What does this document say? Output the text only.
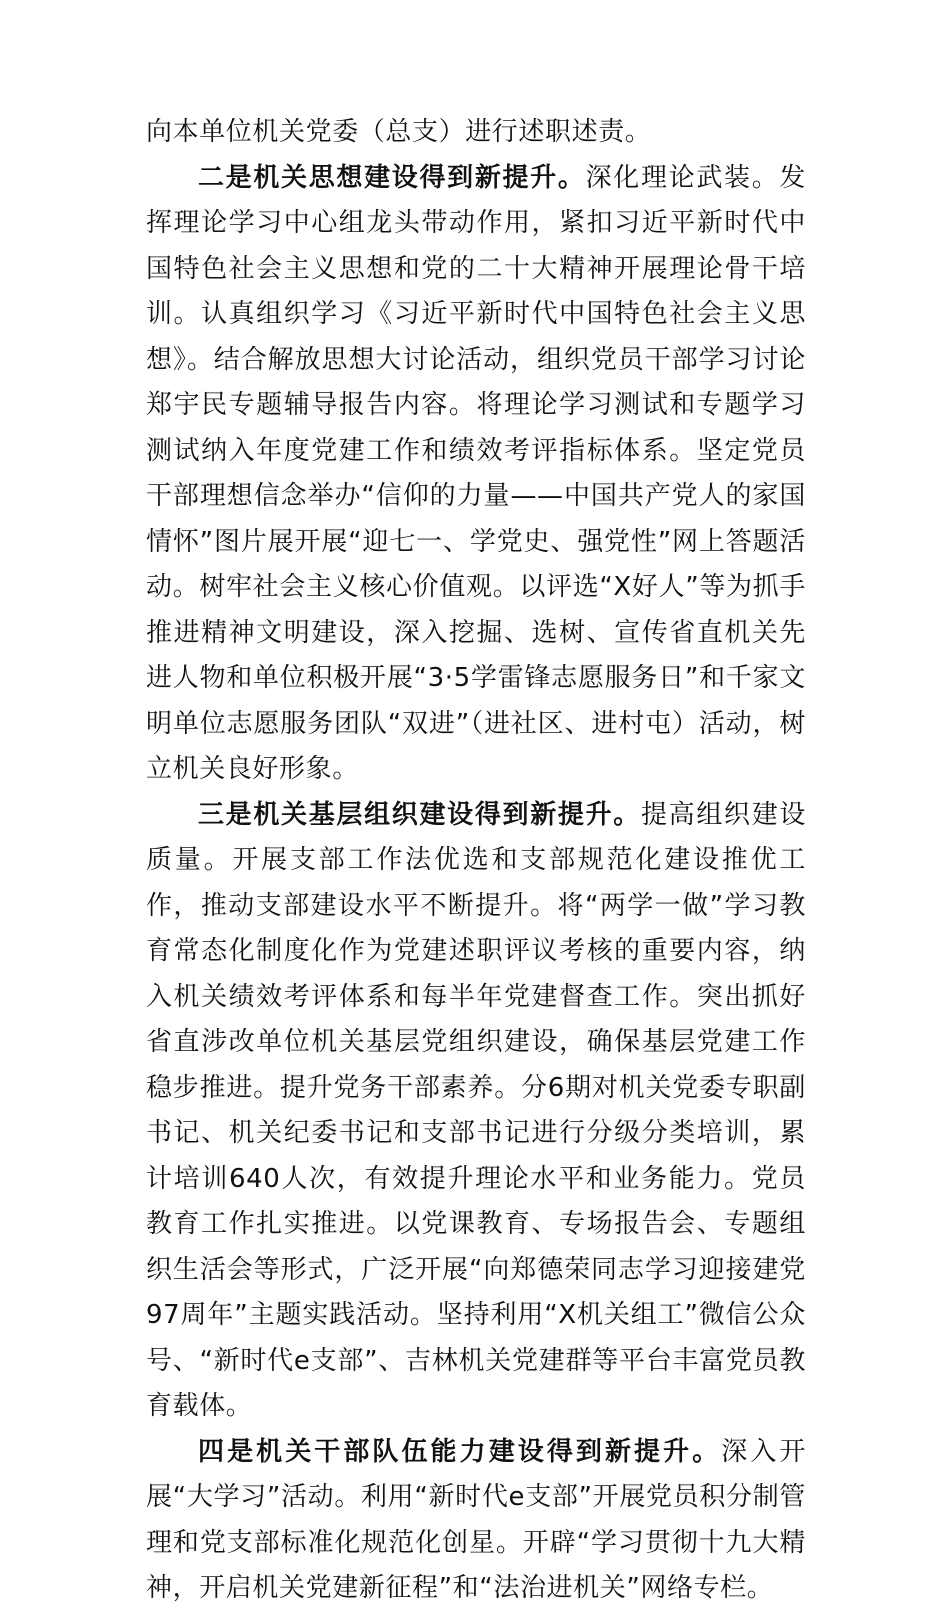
向本单位机关党委（总支）进行述职述责。

二是机关思想建设得到新提升。深化理论武装。发挥理论学习中心组龙头带动作用，紧扣习近平新时代中国特色社会主义思想和党的二十大精神开展理论骨干培训。认真组织学习《习近平新时代中国特色社会主义思想》。结合解放思想大讨论活动，组织党员干部学习讨论郑宇民专题辅导报告内容。将理论学习测试和专题学习测试纳入年度党建工作和绩效考评指标体系。坚定党员干部理想信念举办“信仰的力量——中国共产党人的家国情怀”图片展开展“迎七一、学党史、强党性”网上答题活动。树牢社会主义核心价值观。以评选“X好人”等为抓手推进精神文明建设，深入挖掘、选树、宣传省直机关先进人物和单位积极开展“3·5学雷锋志愿服务日”和千家文明单位志愿服务团队“双进”（进社区、进村屯）活动，树立机关良好形象。

三是机关基层组织建设得到新提升。提高组织建设质量。开展支部工作法优选和支部规范化建设推优工作，推动支部建设水平不断提升。将“两学一做”学习教育常态化制度化作为党建述职评议考核的重要内容，纳入机关绩效考评体系和每半年党建督查工作。突出抓好省直涉改单位机关基层党组织建设，确保基层党建工作稳步推进。提升党务干部素养。分6期对机关党委专职副书记、机关纪委书记和支部书记进行分级分类培训，累计培训640人次，有效提升理论水平和业务能力。党员教育工作扎实推进。以党课教育、专场报告会、专题组织生活会等形式，广泛开展“向郑德荣同志学习迎接建党97周年”主题实践活动。坚持利用“X机关组工”微信公众号、“新时代e支部”、吉林机关党建群等平台丰富党员教育载体。

四是机关干部队伍能力建设得到新提升。深入开展“大学习”活动。利用“新时代e支部”开展党员积分制管理和党支部标准化规范化创星。开辟“学习贯彻十九大精神，开启机关党建新征程”和“法治进机关”网络专栏。
